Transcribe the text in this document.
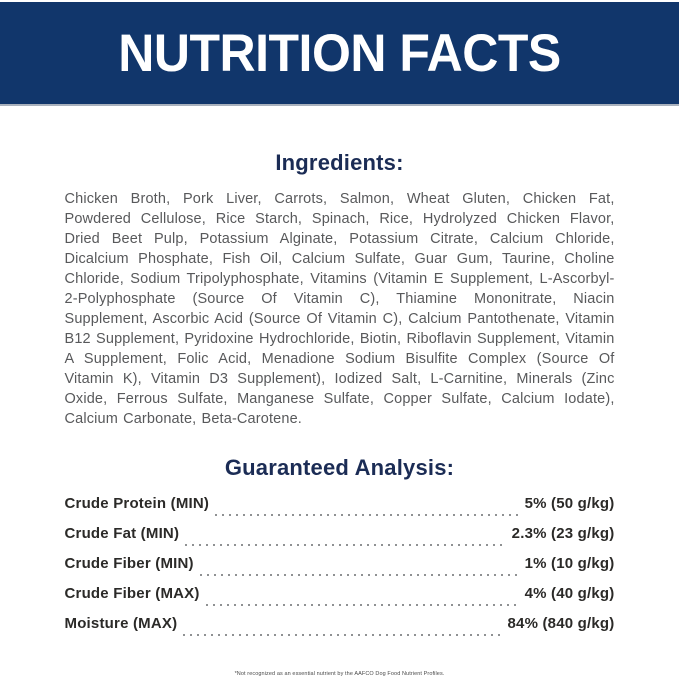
NUTRITION FACTS
Ingredients:

Chicken Broth, Pork Liver, Carrots, Salmon, Wheat Gluten, Chicken Fat, Powdered Cellulose, Rice Starch, Spinach, Rice, Hydrolyzed Chicken Flavor, Dried Beet Pulp, Potassium Alginate, Potassium Citrate, Calcium Chloride, Dicalcium Phosphate, Fish Oil, Calcium Sulfate, Guar Gum, Taurine, Choline Chloride, Sodium Tripolyphosphate, Vitamins (Vitamin E Supplement, L-Ascorbyl-2-Polyphosphate (Source Of Vitamin C), Thiamine Mononitrate, Niacin Supplement, Ascorbic Acid (Source Of Vitamin C), Calcium Pantothenate, Vitamin B12 Supplement, Pyridoxine Hydrochloride, Biotin, Riboflavin Supplement, Vitamin A Supplement, Folic Acid, Menadione Sodium Bisulfite Complex (Source Of Vitamin K), Vitamin D3 Supplement), Iodized Salt, L-Carnitine, Minerals (Zinc Oxide, Ferrous Sulfate, Manganese Sulfate, Copper Sulfate, Calcium Iodate), Calcium Carbonate, Beta-Carotene.

Guaranteed Analysis:
Crude Protein (MIN)	5% (50 g/kg)
Crude Fat (MIN)	2.3% (23 g/kg)
Crude Fiber (MIN)	1% (10 g/kg)
Crude Fiber (MAX)	4% (40 g/kg)
Moisture (MAX)	84% (840 g/kg)
*Not recognized as an essential nutrient by the AAFCO Dog Food Nutrient Profiles.
